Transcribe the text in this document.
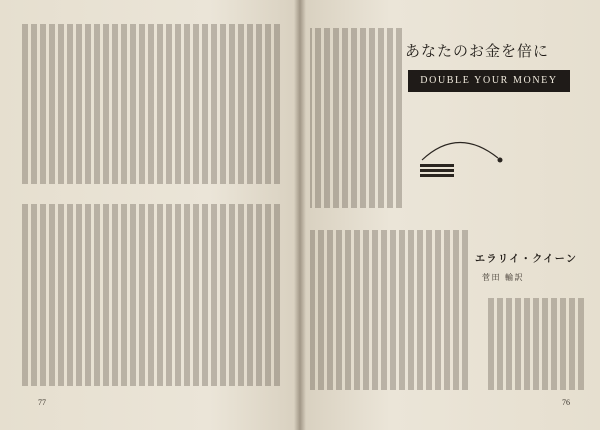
77	76
あなたのお金を倍に
DOUBLE YOUR MONEY
エラリイ・クイーン
菅田 輸訳
